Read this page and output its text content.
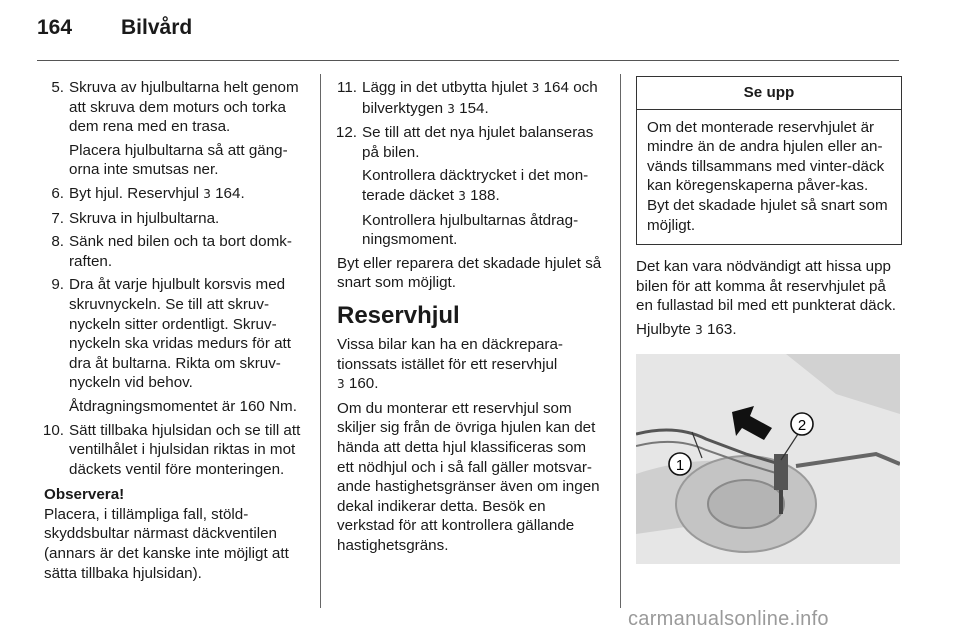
164 Bilvård
5. Skruva av hjulbultarna helt genom att skruva dem moturs och torka dem rena med en trasa.
Placera hjulbultarna så att gäng-orna inte smutsas ner.
6. Byt hjul. Reservhjul 3 164.
7. Skruva in hjulbultarna.
8. Sänk ned bilen och ta bort domk-raften.
9. Dra åt varje hjulbult korsvis med skruvnyckeln. Se till att skruv-nyckeln sitter ordentligt. Skruv-nyckeln ska vridas medurs för att dra åt bultarna. Rikta om skruv-nyckeln vid behov.
Åtdragningsmomentet är 160 Nm.
10. Sätt tillbaka hjulsidan och se till att ventilhålet i hjulsidan riktas in mot däckets ventil före monteringen.
Observera!
Placera, i tillämpliga fall, stöld-skyddsbultar närmast däckventilen (annars är det kanske inte möjligt att sätta tillbaka hjulsidan).
11. Lägg in det utbytta hjulet 3 164 och bilverktygen 3 154.
12. Se till att det nya hjulet balanseras på bilen.
Kontrollera däcktrycket i det mon-terade däcket 3 188.
Kontrollera hjulbultarnas åtdrag-ningsmoment.
Byt eller reparera det skadade hjulet så snart som möjligt.
Reservhjul
Vissa bilar kan ha en däckrepara-tionssats istället för ett reservhjul
3 160.
Om du monterar ett reservhjul som skiljer sig från de övriga hjulen kan det hända att detta hjul klassificeras som ett nödhjul och i så fall gäller motsvar-ande hastighetsgränser även om ingen dekal indikerar detta. Besök en verkstad för att kontrollera gällande hastighetsgräns.
Se upp
Om det monterade reservhjulet är mindre än de andra hjulen eller an-vänds tillsammans med vinter-däck kan köregenskaperna påver-kas. Byt det skadade hjulet så snart som möjligt.
Det kan vara nödvändigt att hissa upp bilen för att komma åt reservhjulet på en fullastad bil med ett punkterat däck.
Hjulbyte 3 163.
1
2
carmanualsonline.info
